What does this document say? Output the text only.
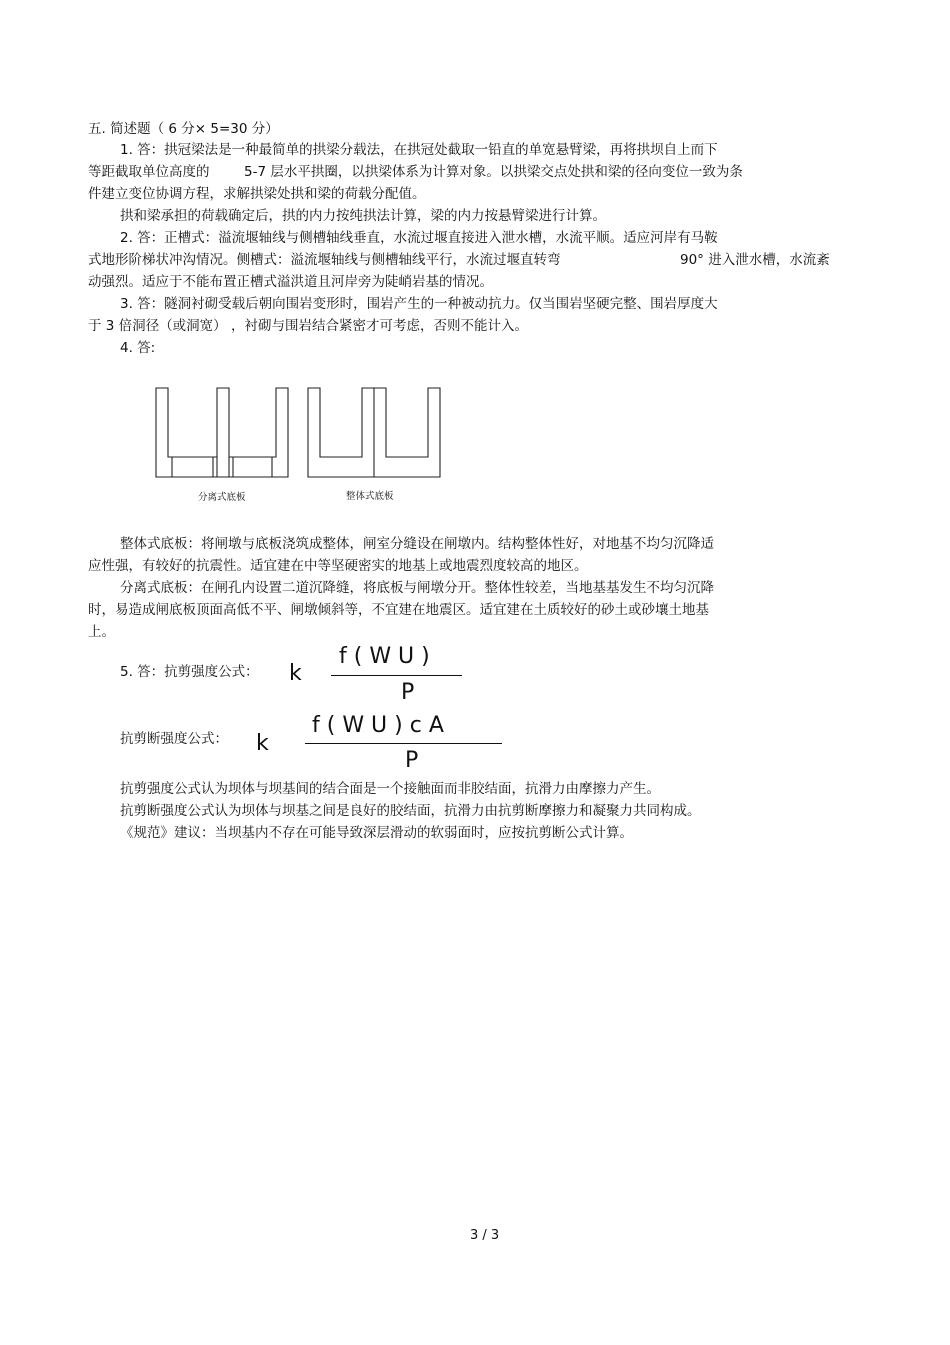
五. 简述题（ 6 分× 5=30 分）
1. 答：拱冠梁法是一种最简单的拱梁分载法，在拱冠处截取一铅直的单宽悬臂梁，再将拱坝自上而下
等距截取单位高度的	5-7 层水平拱圈，以拱梁体系为计算对象。以拱梁交点处拱和梁的径向变位一致为条
件建立变位协调方程，求解拱梁处拱和梁的荷载分配值。
拱和梁承担的荷载确定后，拱的内力按纯拱法计算，梁的内力按悬臂梁进行计算。
2. 答：正槽式：溢流堰轴线与侧槽轴线垂直，水流过堰直接进入泄水槽，水流平顺。适应河岸有马鞍
式地形阶梯状冲沟情况。侧槽式：溢流堰轴线与侧槽轴线平行，水流过堰直转弯	90° 进入泄水槽，水流紊
动强烈。适应于不能布置正槽式溢洪道且河岸旁为陡峭岩基的情况。
3. 答：隧洞衬砌受载后朝向围岩变形时，围岩产生的一种被动抗力。仅当围岩坚硬完整、围岩厚度大
于 3 倍洞径（或洞宽） ，衬砌与围岩结合紧密才可考虑，否则不能计入。
4. 答:
分离式底板	整体式底板
整体式底板：将闸墩与底板浇筑成整体，闸室分缝设在闸墩内。结构整体性好，对地基不均匀沉降适
应性强，有较好的抗震性。适宜建在中等坚硬密实的地基上或地震烈度较高的地区。
分离式底板：在闸孔内设置二道沉降缝，将底板与闸墩分开。整体性较差，当地基基发生不均匀沉降
时，易造成闸底板顶面高低不平、闸墩倾斜等，不宜建在地震区。适宜建在土质较好的砂土或砂壤土地基
上。
5. 答：抗剪强度公式： k
f ( W U )
P
抗剪断强度公式： k
f ( W U ) c A
P
抗剪强度公式认为坝体与坝基间的结合面是一个接触面而非胶结面，抗滑力由摩擦力产生。
抗剪断强度公式认为坝体与坝基之间是良好的胶结面，抗滑力由抗剪断摩擦力和凝聚力共同构成。
《规范》建议：当坝基内不存在可能导致深层滑动的软弱面时，应按抗剪断公式计算。
3 / 3
